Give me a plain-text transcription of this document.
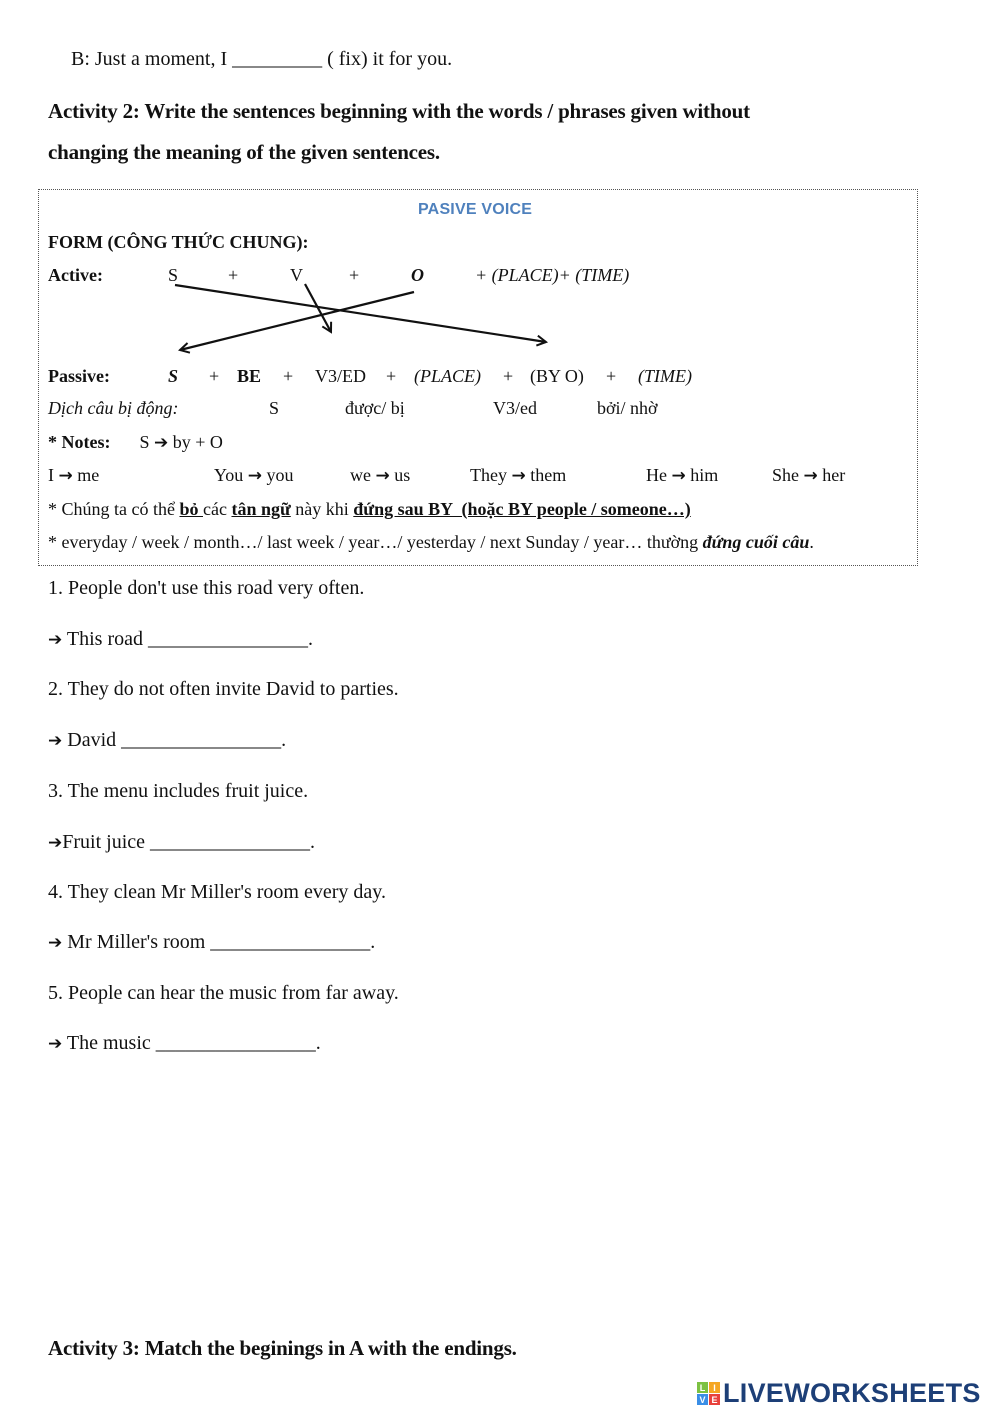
B: Just a moment, I _________ ( fix) it for you.
Activity 2: Write the sentences beginning with the words / phrases given without
changing the meaning of the given sentences.
PASIVE VOICE
FORM (CÔNG THỨC CHUNG):
Active:	S	+	V	+	O	+ (PLACE)+ (TIME)
Passive:	S + BE + V3/ED + (PLACE) + (BY O) + (TIME)
Dịch câu bị động:	S	được/ bị	V3/ed	bởi/ nhờ
* Notes: S ➔ by + O
I → me	You → you	we → us	They → them	He → him	She → her
* Chúng ta có thể bỏ các tân ngữ này khi đứng sau BY  (hoặc BY people / someone…)
* everyday / week / month…/ last week / year…/ yesterday / next Sunday / year… thường đứng cuối câu.
1. People don't use this road very often.
➔ This road ________________.
2. They do not often invite David to parties.
➔ David ________________.
3. The menu includes fruit juice.
➔Fruit juice ________________.
4. They clean Mr Miller's room every day.
➔ Mr Miller's room ________________.
5. People can hear the music from far away.
➔ The music ________________.
Activity 3: Match the beginings in A with the endings.
L I
V E LIVEWORKSHEETS
